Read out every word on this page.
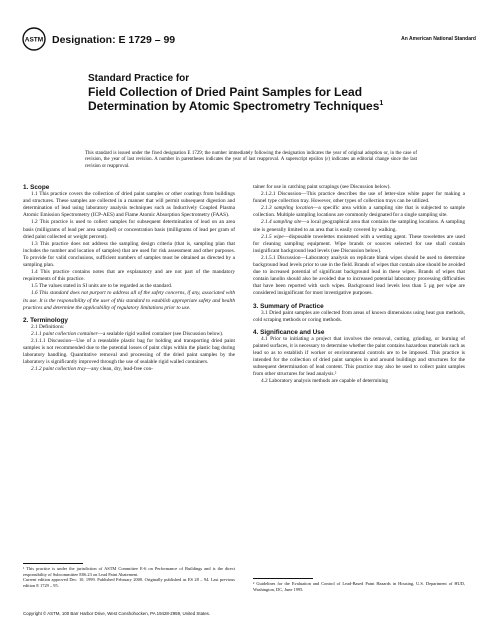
ASTM Designation: E 1729 – 99	An American National Standard
Standard Practice for
Field Collection of Dried Paint Samples for Lead
Determination by Atomic Spectrometry Techniques$^1$
This standard is issued under the fixed designation E 1729; the number immediately following the designation indicates the year of original adoption or, in the case of revision, the year of last revision. A number in parentheses indicates the year of last reapproval. A superscript epsilon (ε) indicates an editorial change since the last revision or reapproval.

1. Scope

1.1 This practice covers the collection of dried paint samples or other coatings from buildings and structures. These samples are collected in a manner that will permit subsequent digestion and determination of lead using laboratory analysis techniques such as Inductively Coupled Plasma Atomic Emission Spectrometry (ICP-AES) and Flame Atomic Absorption Spectrometry (FAAS).

1.2 This practice is used to collect samples for subsequent determination of lead on an area basis (milligrams of lead per area sampled) or concentration basis (milligrams of lead per gram of dried paint collected or weight percent).

1.3 This practice does not address the sampling design criteria (that is, sampling plan that includes the number and location of samples) that are used for risk assessment and other purposes. To provide for valid conclusions, sufficient numbers of samples must be obtained as directed by a sampling plan.

1.4 This practice contains notes that are explanatory and are not part of the mandatory requirements of this practice.

1.5 The values stated in SI units are to be regarded as the standard.

1.6 This standard does not purport to address all of the safety concerns, if any, associated with its use. It is the responsibility of the user of this standard to establish appropriate safety and health practices and determine the applicability of regulatory limitations prior to use.

2. Terminology

2.1 Definitions:

2.1.1 paint collection container—a sealable rigid walled container (see Discussion below).

2.1.1.1 Discussion—Use of a resealable plastic bag for holding and transporting dried paint samples is not recommended due to the potential losses of paint chips within the plastic bag during laboratory handling. Quantitative removal and processing of the dried paint samples by the laboratory is significantly improved through the use of sealable rigid walled containers.

2.1.2 paint collection tray—any clean, dry, lead-free con-

¹ This practice is under the jurisdiction of ASTM Committee E-6 on Performance of Buildings and is the direct responsibility of Subcommittee E06.23 on Lead Paint Abatement.

Current edition approved Dec. 10, 1999. Published February 2000. Originally published as ES 28 – 94. Last previous edition E 1729 – 95.

tainer for use in catching paint scrapings (see Discussion below).

2.1.2.1 Discussion—This practice describes the use of letter-size white paper for making a funnel type collection tray. However, other types of collection trays can be utilized.

2.1.3 sampling location—a specific area within a sampling site that is subjected to sample collection. Multiple sampling locations are commonly designated for a single sampling site.

2.1.4 sampling site—a local geographical area that contains the sampling locations. A sampling site is generally limited to an area that is easily covered by walking.

2.1.5 wipe—disposable towelettes moistened with a wetting agent. These towelettes are used for cleaning sampling equipment. Wipe brands or sources selected for use shall contain insignificant background lead levels (see Discussion below).

2.1.5.1 Discussion—Laboratory analysis on replicate blank wipes should be used to determine background lead levels prior to use in the field. Brands of wipes that contain aloe should be avoided due to increased potential of significant background lead in these wipes. Brands of wipes that contain lanolin should also be avoided due to increased potential laboratory processing difficulties that have been reported with such wipes. Background lead levels less than 5 µg per wipe are considered insignificant for most investigative purposes.

3. Summary of Practice

3.1 Dried paint samples are collected from areas of known dimensions using heat gun methods, cold scraping methods or coring methods.

4. Significance and Use

4.1 Prior to initiating a project that involves the removal, cutting, grinding, or burning of painted surfaces, it is necessary to determine whether the paint contains hazardous materials such as lead so as to establish if worker or environmental controls are to be imposed. This practice is intended for the collection of dried paint samples in and around buildings and structures for the subsequent determination of lead content. This practice may also be used to collect paint samples from other structures for lead analysis.²

4.2 Laboratory analysis methods are capable of determining

² Guidelines for the Evaluation and Control of Lead-Based Paint Hazards in Housing, U.S. Department of HUD, Washington, DC, June 1995.

Copyright © ASTM, 100 Barr Harbor Drive, West Conshohocken, PA 19428-2959, United States.
